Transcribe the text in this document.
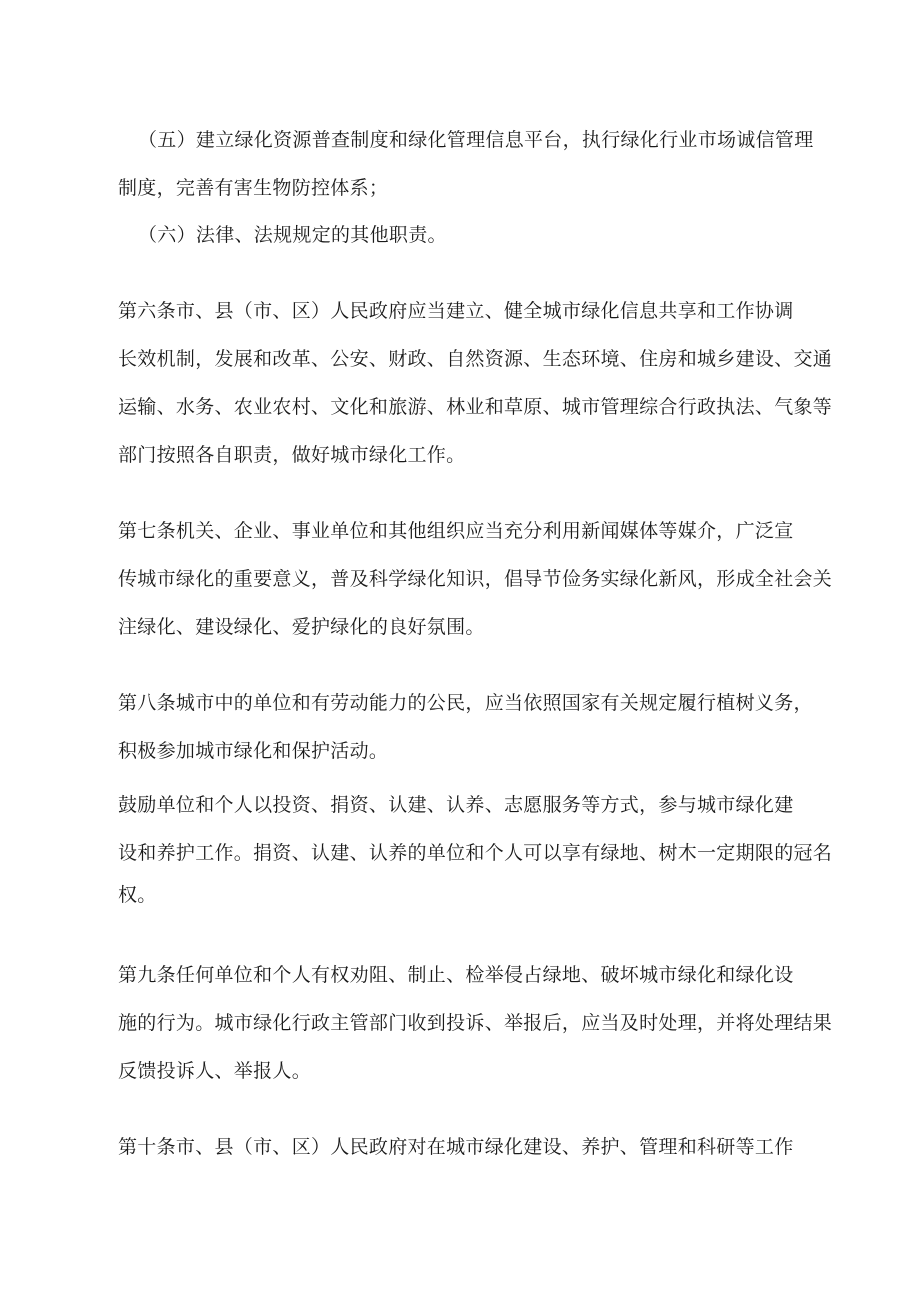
（五）建立绿化资源普查制度和绿化管理信息平台，执行绿化行业市场诚信管理
制度，完善有害生物防控体系；
（六）法律、法规规定的其他职责。
第六条市、县（市、区）人民政府应当建立、健全城市绿化信息共享和工作协调
长效机制，发展和改革、公安、财政、自然资源、生态环境、住房和城乡建设、交通
运输、水务、农业农村、文化和旅游、林业和草原、城市管理综合行政执法、气象等
部门按照各自职责，做好城市绿化工作。
第七条机关、企业、事业单位和其他组织应当充分利用新闻媒体等媒介，广泛宣
传城市绿化的重要意义，普及科学绿化知识，倡导节俭务实绿化新风，形成全社会关
注绿化、建设绿化、爱护绿化的良好氛围。
第八条城市中的单位和有劳动能力的公民，应当依照国家有关规定履行植树义务，
积极参加城市绿化和保护活动。
鼓励单位和个人以投资、捐资、认建、认养、志愿服务等方式，参与城市绿化建
设和养护工作。捐资、认建、认养的单位和个人可以享有绿地、树木一定期限的冠名
权。
第九条任何单位和个人有权劝阻、制止、检举侵占绿地、破坏城市绿化和绿化设
施的行为。城市绿化行政主管部门收到投诉、举报后，应当及时处理，并将处理结果
反馈投诉人、举报人。
第十条市、县（市、区）人民政府对在城市绿化建设、养护、管理和科研等工作
